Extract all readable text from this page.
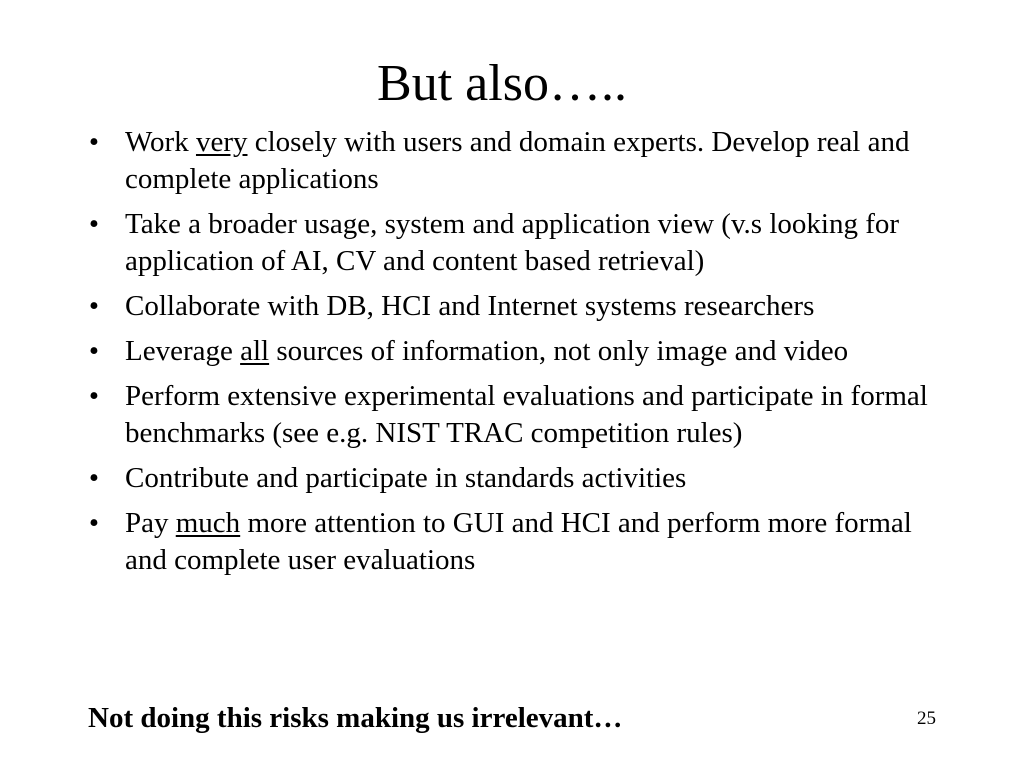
But also…..
• Work very closely with users and domain experts. Develop real and complete applications
• Take a broader usage, system and application view (v.s looking for application of AI, CV and content based retrieval)
• Collaborate with DB, HCI and Internet systems researchers
• Leverage all sources of information, not only image and video
• Perform extensive experimental evaluations and participate in formal benchmarks (see e.g. NIST TRAC competition rules)
• Contribute and participate in standards activities
• Pay much more attention to GUI and HCI and perform more formal and complete user evaluations
Not doing this risks making us irrelevant…	25
